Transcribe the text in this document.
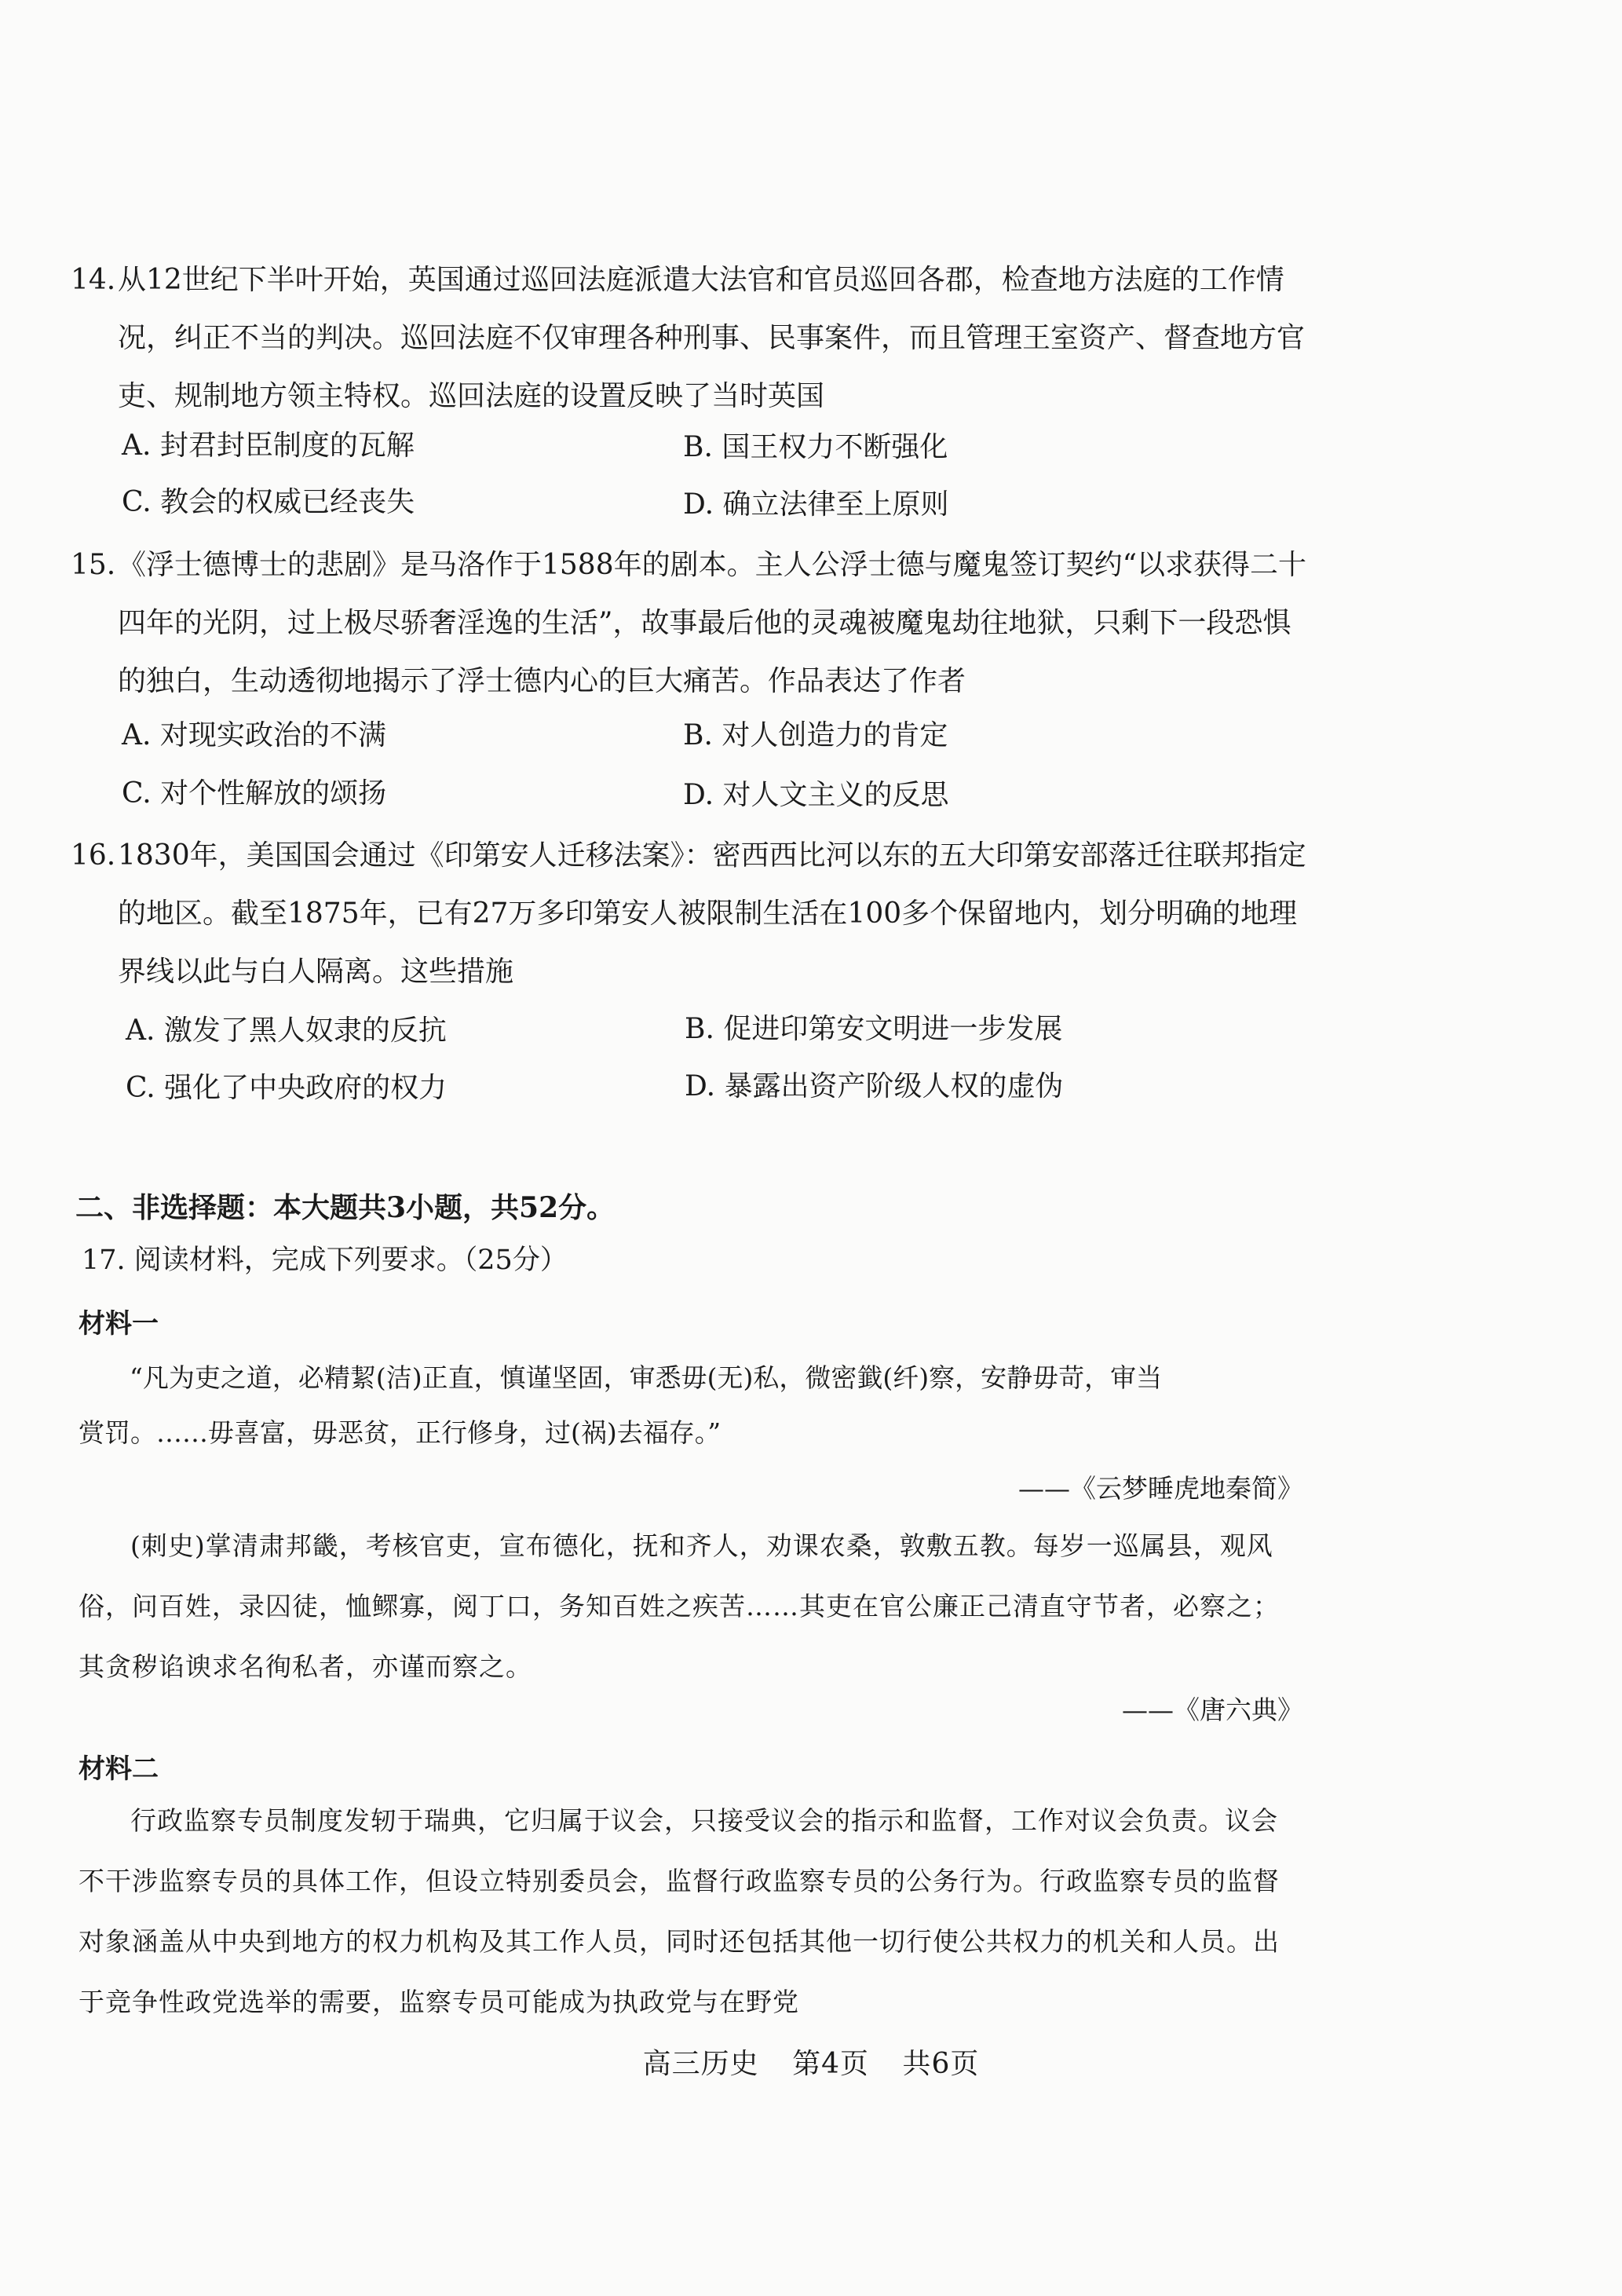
14. 从12世纪下半叶开始，英国通过巡回法庭派遣大法官和官员巡回各郡，检查地方法庭的工作情况，纠正不当的判决。巡回法庭不仅审理各种刑事、民事案件，而且管理王室资产、督查地方官吏、规制地方领主特权。巡回法庭的设置反映了当时英国
A. 封君封臣制度的瓦解	B. 国王权力不断强化
C. 教会的权威已经丧失	D. 确立法律至上原则
15. 《浮士德博士的悲剧》是马洛作于1588年的剧本。主人公浮士德与魔鬼签订契约“以求获得二十四年的光阴，过上极尽骄奢淫逸的生活”，故事最后他的灵魂被魔鬼劫往地狱，只剩下一段恐惧的独白，生动透彻地揭示了浮士德内心的巨大痛苦。作品表达了作者
A. 对现实政治的不满	B. 对人创造力的肯定
C. 对个性解放的颂扬	D. 对人文主义的反思
16. 1830年，美国国会通过《印第安人迁移法案》：密西西比河以东的五大印第安部落迁往联邦指定的地区。截至1875年，已有27万多印第安人被限制生活在100多个保留地内，划分明确的地理界线以此与白人隔离。这些措施
A. 激发了黑人奴隶的反抗	B. 促进印第安文明进一步发展
C. 强化了中央政府的权力	D. 暴露出资产阶级人权的虚伪
二、非选择题：本大题共3小题，共52分。
17. 阅读材料，完成下列要求。（25分）
材料一
“凡为吏之道，必精絜(洁)正直，慎谨坚固，审悉毋(无)私，微密韱(纤)察，安静毋苛，审当
赏罚。……毋喜富，毋恶贫，正行修身，过(祸)去福存。”
——《云梦睡虎地秦简》
(刺史)掌清肃邦畿，考核官吏，宣布德化，抚和齐人，劝课农桑，敦敷五教。每岁一巡属县，观风俗，问百姓，录囚徒，恤鳏寡，阅丁口，务知百姓之疾苦……其吏在官公廉正己清直守节者，必察之；其贪秽谄谀求名徇私者，亦谨而察之。
——《唐六典》
材料二
行政监察专员制度发轫于瑞典，它归属于议会，只接受议会的指示和监督，工作对议会负责。议会不干涉监察专员的具体工作，但设立特别委员会，监督行政监察专员的公务行为。行政监察专员的监督对象涵盖从中央到地方的权力机构及其工作人员，同时还包括其他一切行使公共权力的机关和人员。出于竞争性政党选举的需要，监察专员可能成为执政党与在野党
高三历史 第4页 共6页
